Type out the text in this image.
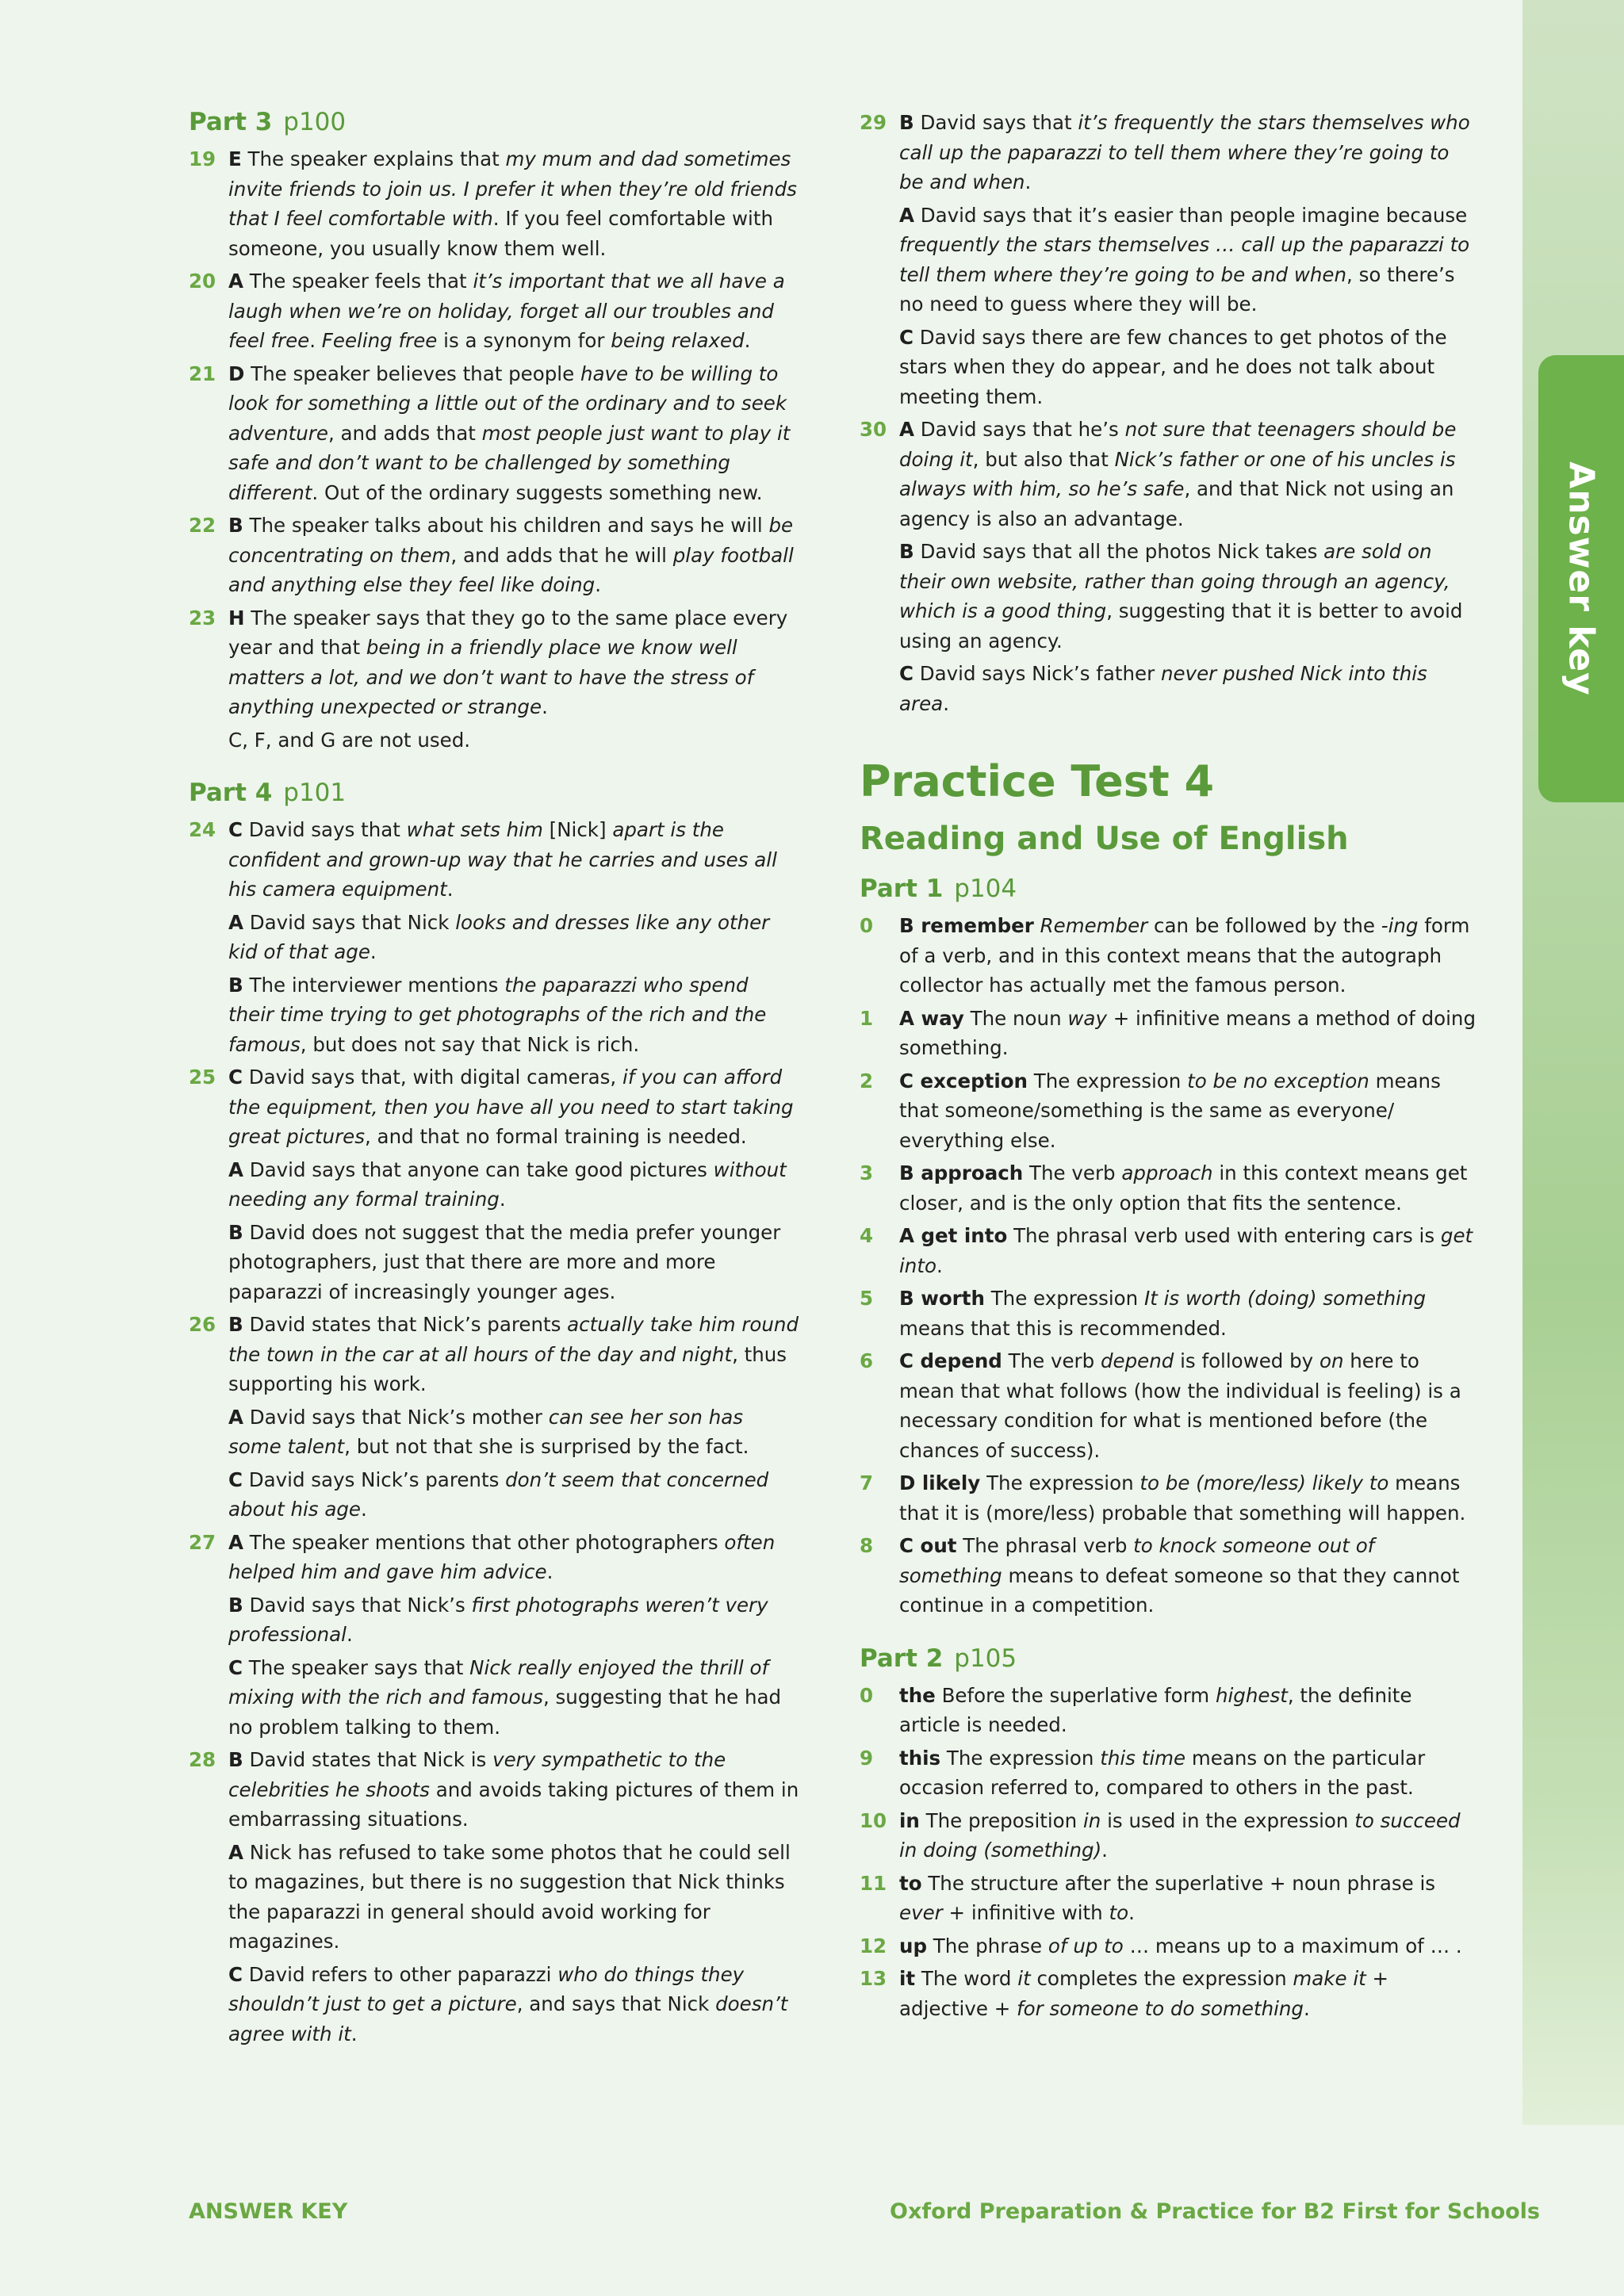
Answer key
Part 3 p100
19 E The speaker explains that my mum and dad sometimes invite friends to join us. I prefer it when they’re old friends that I feel comfortable with. If you feel comfortable with someone, you usually know them well.

20 A The speaker feels that it’s important that we all have a laugh when we’re on holiday, forget all our troubles and feel free. Feeling free is a synonym for being relaxed.

21 D The speaker believes that people have to be willing to look for something a little out of the ordinary and to seek adventure, and adds that most people just want to play it safe and don’t want to be challenged by something different. Out of the ordinary suggests something new.

22 B The speaker talks about his children and says he will be concentrating on them, and adds that he will play football and anything else they feel like doing.

23 H The speaker says that they go to the same place every year and that being in a friendly place we know well matters a lot, and we don’t want to have the stress of anything unexpected or strange.

C, F, and G are not used.

Part 4 p101
24 C David says that what sets him [Nick] apart is the confident and grown-up way that he carries and uses all his camera equipment.

A David says that Nick looks and dresses like any other kid of that age.

B The interviewer mentions the paparazzi who spend their time trying to get photographs of the rich and the famous, but does not say that Nick is rich.

25 C David says that, with digital cameras, if you can afford the equipment, then you have all you need to start taking great pictures, and that no formal training is needed.

A David says that anyone can take good pictures without needing any formal training.

B David does not suggest that the media prefer younger photographers, just that there are more and more paparazzi of increasingly younger ages.

26 B David states that Nick’s parents actually take him round the town in the car at all hours of the day and night, thus supporting his work.

A David says that Nick’s mother can see her son has some talent, but not that she is surprised by the fact.

C David says Nick’s parents don’t seem that concerned about his age.

27 A The speaker mentions that other photographers often helped him and gave him advice.

B David says that Nick’s first photographs weren’t very professional.

C The speaker says that Nick really enjoyed the thrill of mixing with the rich and famous, suggesting that he had no problem talking to them.

28 B David states that Nick is very sympathetic to the celebrities he shoots and avoids taking pictures of them in embarrassing situations.

A Nick has refused to take some photos that he could sell to magazines, but there is no suggestion that Nick thinks the paparazzi in general should avoid working for magazines.

C David refers to other paparazzi who do things they shouldn’t just to get a picture, and says that Nick doesn’t agree with it.

29 B David says that it’s frequently the stars themselves who call up the paparazzi to tell them where they’re going to be and when.

A David says that it’s easier than people imagine because frequently the stars themselves … call up the paparazzi to tell them where they’re going to be and when, so there’s no need to guess where they will be.

C David says there are few chances to get photos of the stars when they do appear, and he does not talk about meeting them.

30 A David says that he’s not sure that teenagers should be doing it, but also that Nick’s father or one of his uncles is always with him, so he’s safe, and that Nick not using an agency is also an advantage.

B David says that all the photos Nick takes are sold on their own website, rather than going through an agency, which is a good thing, suggesting that it is better to avoid using an agency.

C David says Nick’s father never pushed Nick into this area.

Practice Test 4
Reading and Use of English
Part 1 p104
0	B remember Remember can be followed by the -ing form of a verb, and in this context means that the autograph collector has actually met the famous person.

1	A way The noun way + infinitive means a method of doing something.

2	C exception The expression to be no exception means that someone/something is the same as everyone/ everything else.

3	B approach The verb approach in this context means get closer, and is the only option that fits the sentence.

4	A get into The phrasal verb used with entering cars is get into.

5	B worth The expression It is worth (doing) something means that this is recommended.

6	C depend The verb depend is followed by on here to mean that what follows (how the individual is feeling) is a necessary condition for what is mentioned before (the chances of success).

7	D likely The expression to be (more/less) likely to means that it is (more/less) probable that something will happen.

8	C out The phrasal verb to knock someone out of something means to defeat someone so that they cannot continue in a competition.

Part 2 p105
0	the Before the superlative form highest, the definite article is needed.

9	this The expression this time means on the particular occasion referred to, compared to others in the past.

10 in The preposition in is used in the expression to succeed in doing (something).

11 to The structure after the superlative + noun phrase is ever + infinitive with to.

12 up The phrase of up to … means up to a maximum of … .

13 it The word it completes the expression make it + adjective + for someone to do something.

ANSWER KEY	Oxford Preparation & Practice for B2 First for Schools
